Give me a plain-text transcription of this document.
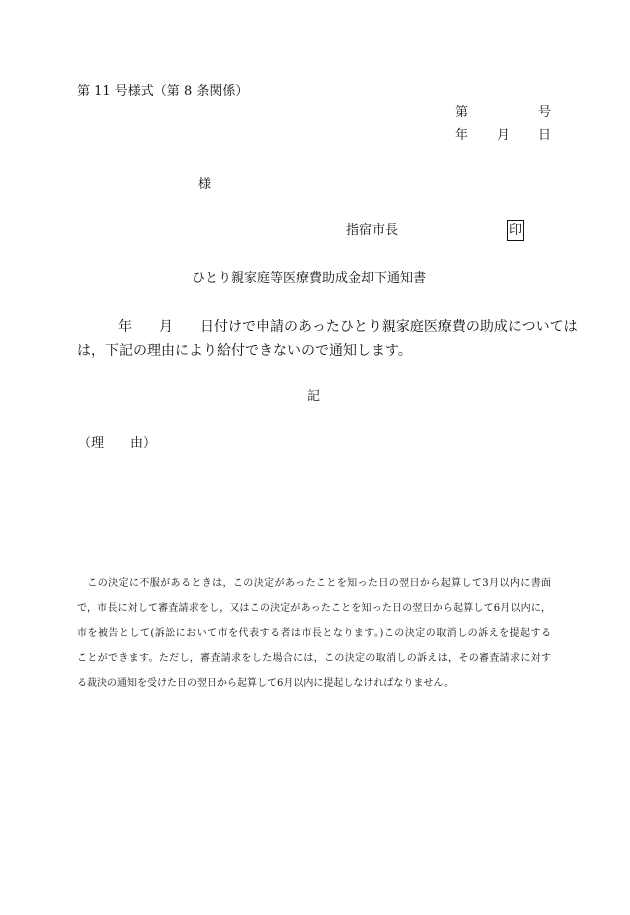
第 11 号様式（第 8 条関係）
第	号
年 月 日
様
指宿市長	印
ひとり親家庭等医療費助成金却下通知書
年 月 日付けで申請のあったひとり親家庭医療費の助成については
は，下記の理由により給付できないので通知します。
記
（理　　由）
　この決定に不服があるときは，この決定があったことを知った日の翌日から起算して3月以内に書面
で，市長に対して審査請求をし，又はこの決定があったことを知った日の翌日から起算して6月以内に，
市を被告として(訴訟において市を代表する者は市長となります。)この決定の取消しの訴えを提起する
ことができます。ただし，審査請求をした場合には，この決定の取消しの訴えは，その審査請求に対す
る裁決の通知を受けた日の翌日から起算して6月以内に提起しなければなりません。
